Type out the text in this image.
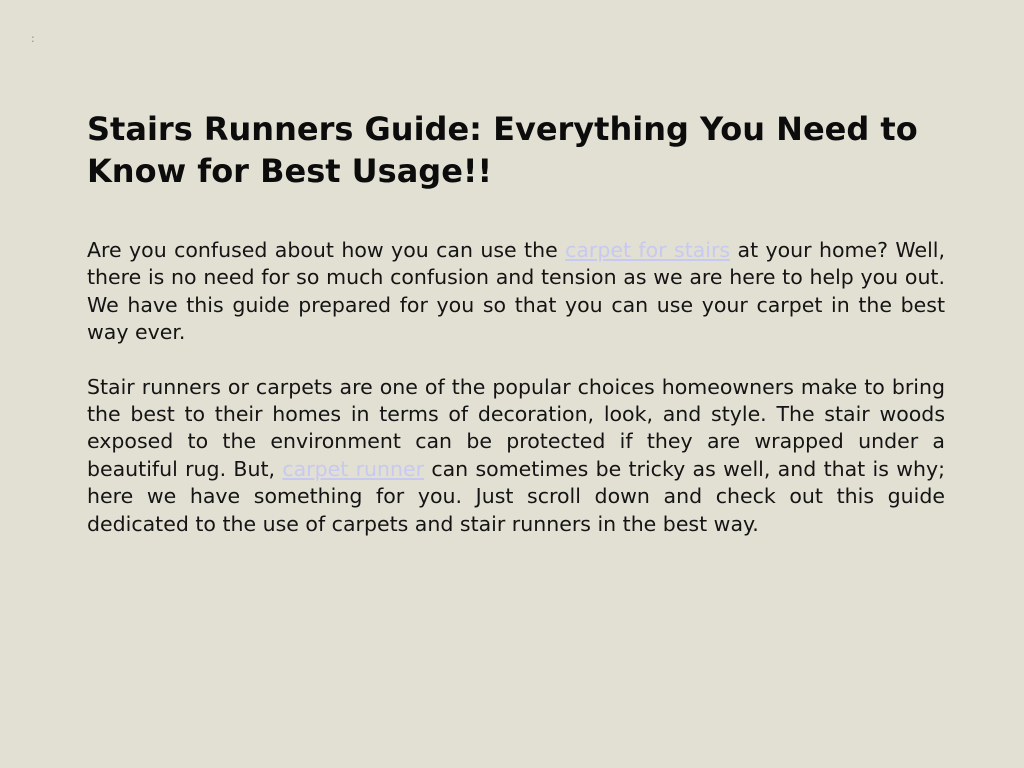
:
Stairs Runners Guide: Everything You Need to Know for Best Usage!!

Are you confused about how you can use the carpet for stairs at your home? Well, there is no need for so much confusion and tension as we are here to help you out. We have this guide prepared for you so that you can use your carpet in the best way ever.

Stair runners or carpets are one of the popular choices homeowners make to bring the best to their homes in terms of decoration, look, and style. The stair woods exposed to the environment can be protected if they are wrapped under a beautiful rug. But, carpet runner can sometimes be tricky as well, and that is why; here we have something for you. Just scroll down and check out this guide dedicated to the use of carpets and stair runners in the best way.
